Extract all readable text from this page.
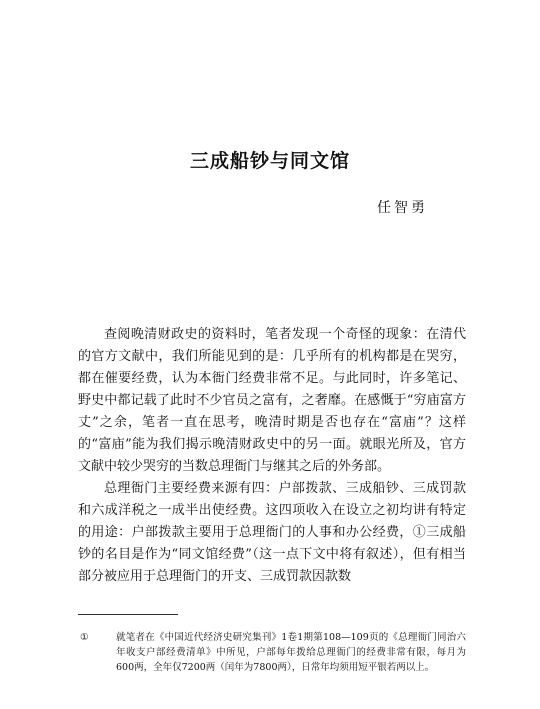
三成船钞与同文馆
任智勇

查阅晚清财政史的资料时，笔者发现一个奇怪的现象：在清代的官方文献中，我们所能见到的是：几乎所有的机构都是在哭穷，都在催要经费，认为本衙门经费非常不足。与此同时，许多笔记、野史中都记载了此时不少官员之富有，之奢靡。在感慨于“穷庙富方丈”之余，笔者一直在思考，晚清时期是否也存在“富庙”？这样的“富庙”能为我们揭示晚清财政史中的另一面。就眼光所及，官方文献中较少哭穷的当数总理衙门与继其之后的外务部。

总理衙门主要经费来源有四：户部拨款、三成船钞、三成罚款和六成洋税之一成半出使经费。这四项收入在设立之初均讲有特定的用途：户部拨款主要用于总理衙门的人事和办公经费，①三成船钞的名目是作为“同文馆经费”（这一点下文中将有叙述），但有相当部分被应用于总理衙门的开支、三成罚款因款数

①	就笔者在《中国近代经济史研究集刊》1卷1期第108—109页的《总理衙门同治六年收支户部经费清单》中所见，户部每年拨给总理衙门的经费非常有限，每月为600两，全年仅7200两（闰年为7800两），日常年均须用短平银若两以上。
